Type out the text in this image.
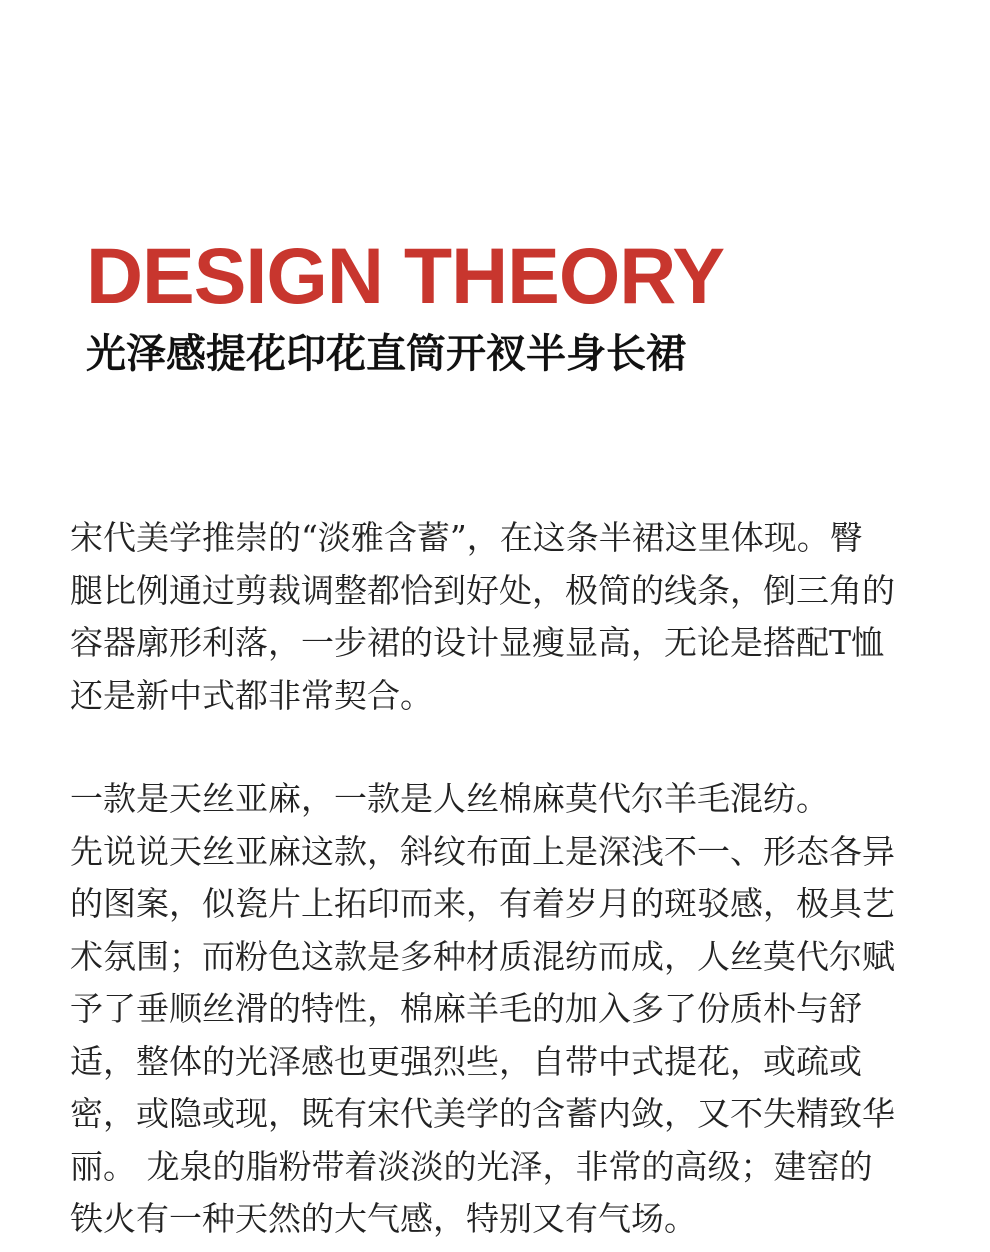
DESIGN THEORY
光泽感提花印花直筒开衩半身长裙

宋代美学推崇的“淡雅含蓄”，在这条半裙这里体现。臀
腿比例通过剪裁调整都恰到好处，极简的线条，倒三角的
容器廓形利落，一步裙的设计显瘦显高，无论是搭配T恤
还是新中式都非常契合。

一款是天丝亚麻，一款是人丝棉麻莫代尔羊毛混纺。
先说说天丝亚麻这款，斜纹布面上是深浅不一、形态各异
的图案，似瓷片上拓印而来，有着岁月的斑驳感，极具艺
术氛围；而粉色这款是多种材质混纺而成，人丝莫代尔赋
予了垂顺丝滑的特性，棉麻羊毛的加入多了份质朴与舒
适，整体的光泽感也更强烈些，自带中式提花，或疏或
密，或隐或现，既有宋代美学的含蓄内敛，又不失精致华
丽。 龙泉的脂粉带着淡淡的光泽，非常的高级；建窑的
铁火有一种天然的大气感，特别又有气场。
